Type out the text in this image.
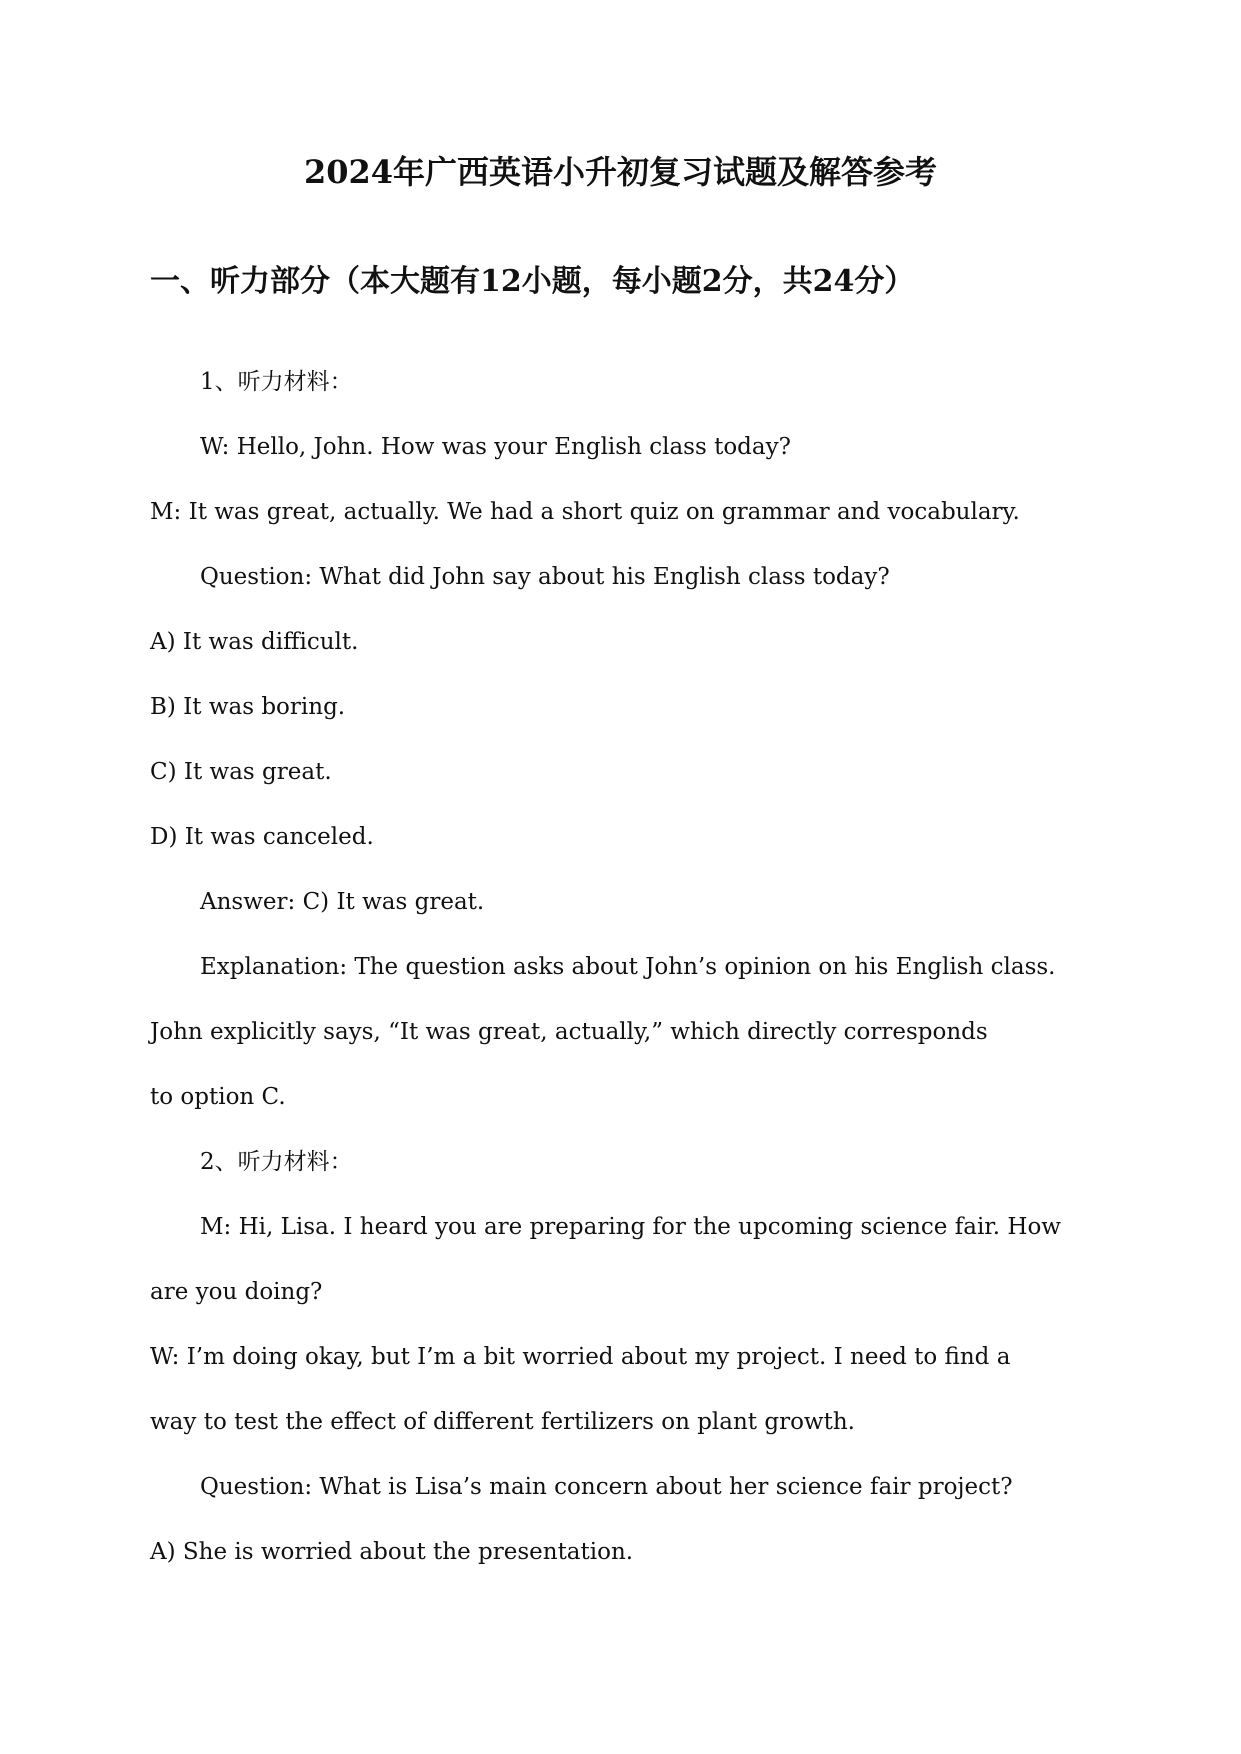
2024年广西英语小升初复习试题及解答参考
一、听力部分（本大题有12小题，每小题2分，共24分）

1、听力材料：

W: Hello, John. How was your English class today?

M: It was great, actually. We had a short quiz on grammar and vocabulary.

Question: What did John say about his English class today?

A) It was difficult.

B) It was boring.

C) It was great.

D) It was canceled.

Answer: C) It was great.

Explanation: The question asks about John’s opinion on his English class.

John explicitly says, “It was great, actually,” which directly corresponds

to option C.

2、听力材料：

M: Hi, Lisa. I heard you are preparing for the upcoming science fair. How

are you doing?

W: I’m doing okay, but I’m a bit worried about my project. I need to find a

way to test the effect of different fertilizers on plant growth.

Question: What is Lisa’s main concern about her science fair project?

A) She is worried about the presentation.
